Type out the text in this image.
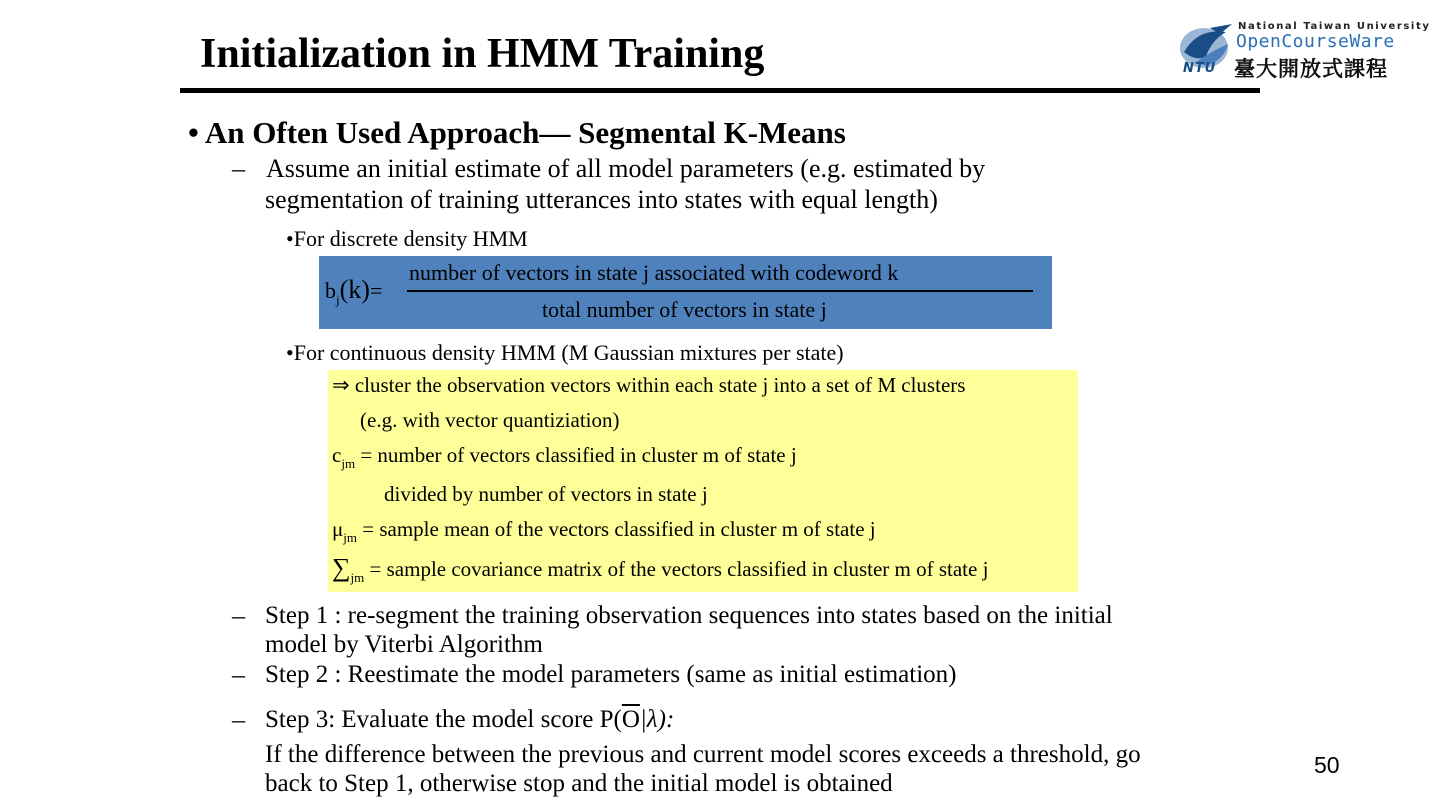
Initialization in HMM Training
National Taiwan University
OpenCourseWare
臺大開放式課程
NTU
• An Often Used Approach― Segmental K-Means
– Assume an initial estimate of all model parameters (e.g. estimated by
segmentation of training utterances into states with equal length)
•For discrete density HMM
$b_j(k)=$
number of vectors in state j associated with codeword k
total number of vectors in state j
•For continuous density HMM (M Gaussian mixtures per state)
⇒ cluster the observation vectors within each state j into a set of M clusters
(e.g. with vector quantiziation)
$c_{jm}$ = number of vectors classified in cluster m of state j
divided by number of vectors in state j
$\mu_{jm}$ = sample mean of the vectors classified in cluster m of state j
$\sum_{jm}$ = sample covariance matrix of the vectors classified in cluster m of state j
– Step 1 : re-segment the training observation sequences into states based on the initial
model by Viterbi Algorithm
– Step 2 : Reestimate the model parameters (same as initial estimation)
– Step 3: Evaluate the model score $P(\overline{O}|\lambda)$:
If the difference between the previous and current model scores exceeds a threshold, go
back to Step 1, otherwise stop and the initial model is obtained
50
